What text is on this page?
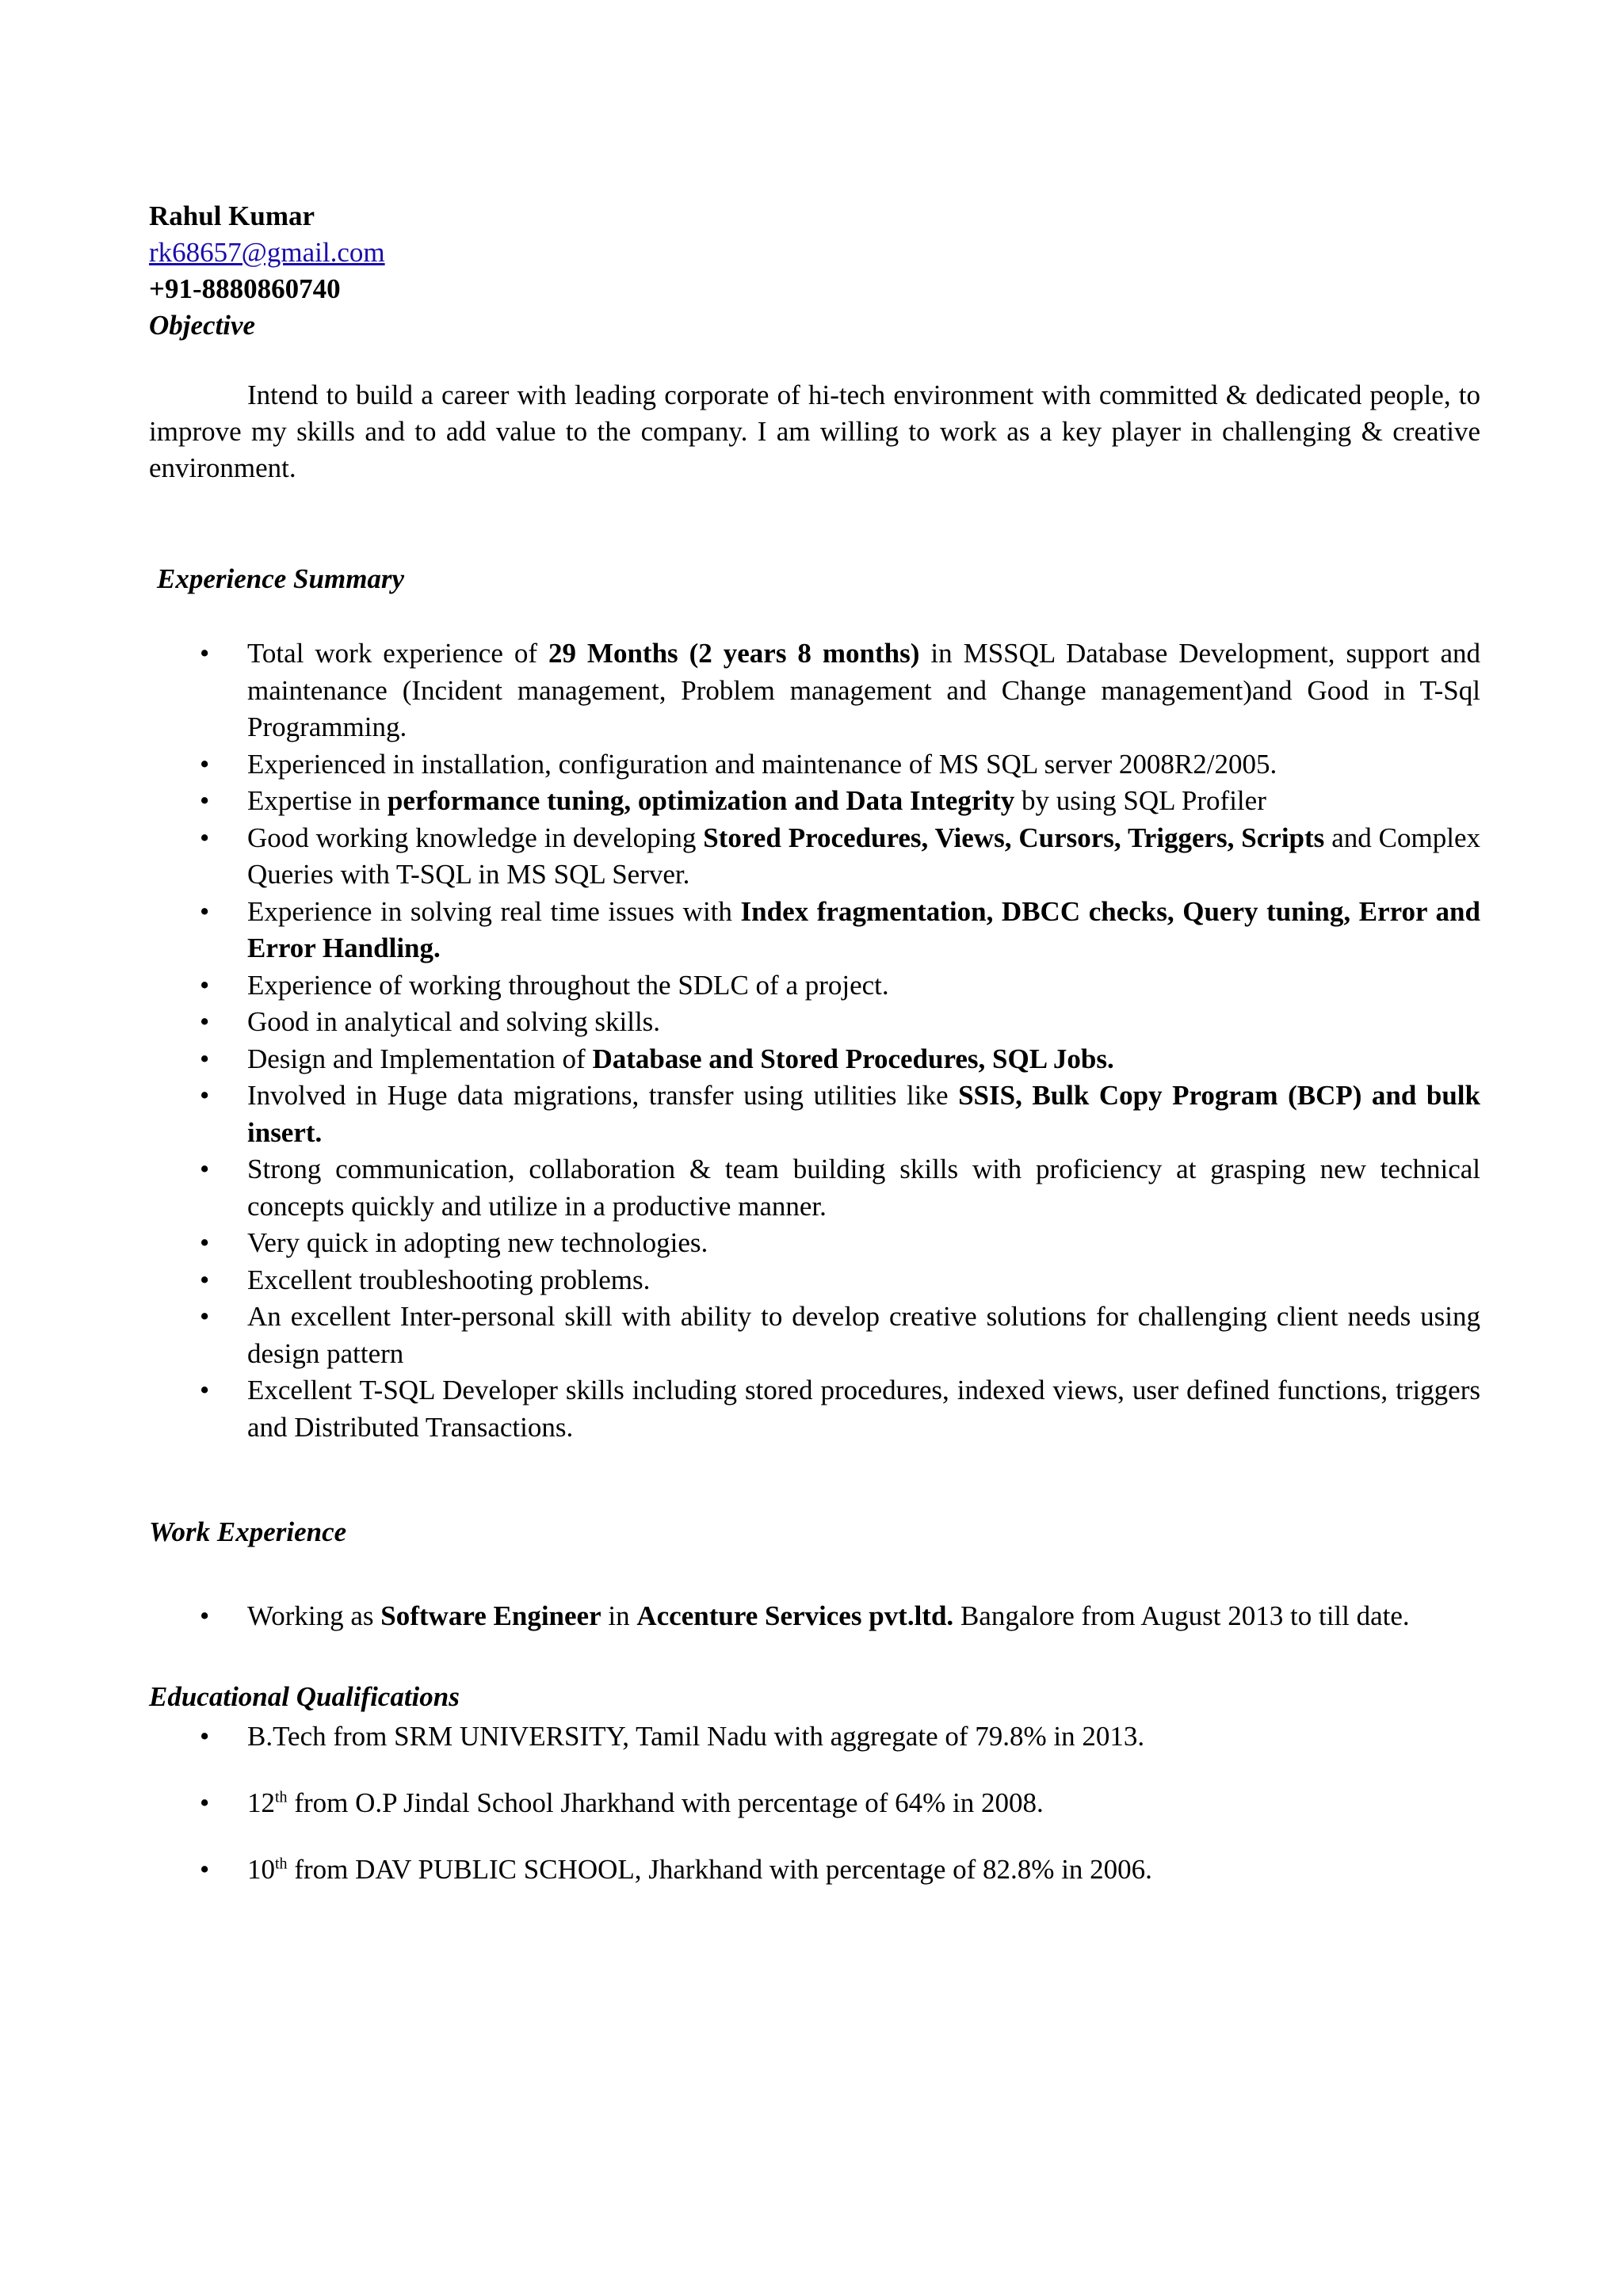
Rahul Kumar
rk68657@gmail.com
+91-8880860740
Objective

Intend to build a career with leading corporate of hi-tech environment with committed & dedicated people, to improve my skills and to add value to the company. I am willing to work as a key player in challenging & creative environment.

Experience Summary
• Total work experience of 29 Months (2 years 8 months) in MSSQL Database Development, support and maintenance (Incident management, Problem management and Change management)and Good in T-Sql Programming.
• Experienced in installation, configuration and maintenance of MS SQL server 2008R2/2005.
• Expertise in performance tuning, optimization and Data Integrity by using SQL Profiler
• Good working knowledge in developing Stored Procedures, Views, Cursors, Triggers, Scripts and Complex Queries with T-SQL in MS SQL Server.
• Experience in solving real time issues with Index fragmentation, DBCC checks, Query tuning, Error and Error Handling.
• Experience of working throughout the SDLC of a project.
• Good in analytical and solving skills.
• Design and Implementation of Database and Stored Procedures, SQL Jobs.
• Involved in Huge data migrations, transfer using utilities like SSIS, Bulk Copy Program (BCP) and bulk insert.
• Strong communication, collaboration & team building skills with proficiency at grasping new technical concepts quickly and utilize in a productive manner.
• Very quick in adopting new technologies.
• Excellent troubleshooting problems.
• An excellent Inter-personal skill with ability to develop creative solutions for challenging client needs using design pattern
• Excellent T-SQL Developer skills including stored procedures, indexed views, user defined functions, triggers and Distributed Transactions.
Work Experience
• Working as Software Engineer in Accenture Services pvt.ltd. Bangalore from August 2013 to till date.
Educational Qualifications
• B.Tech from SRM UNIVERSITY, Tamil Nadu with aggregate of 79.8% in 2013.
• 12th from O.P Jindal School Jharkhand with percentage of 64% in 2008.
• 10th from DAV PUBLIC SCHOOL, Jharkhand with percentage of 82.8% in 2006.
